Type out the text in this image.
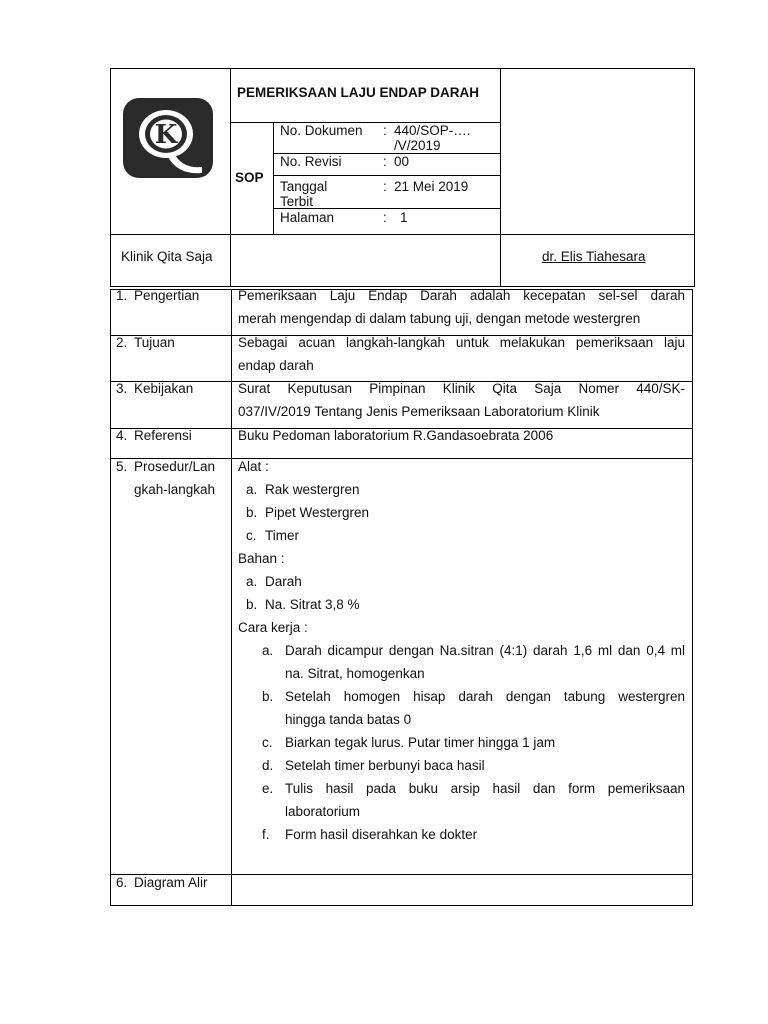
K
PEMERIKSAAN LAJU ENDAP DARAH
SOP
No. Dokumen : 440/SOP-….
/V/2019
No. Revisi	: 00
Tanggal
Terbit
: 21 Mei 2019
Halaman	: 1
Klinik Qita Saja	dr. Elis Tiahesara
1. Pengertian	Pemeriksaan Laju Endap Darah adalah kecepatan sel-sel darah
merah mengendap di dalam tabung uji, dengan metode westergren
2. Tujuan	Sebagai acuan langkah-langkah untuk melakukan pemeriksaan laju
endap darah
3. Kebijakan	Surat Keputusan Pimpinan Klinik Qita Saja Nomer 440/SK-
037/IV/2019 Tentang Jenis Pemeriksaan Laboratorium Klinik
4. Referensi	Buku Pedoman laboratorium R.Gandasoebrata 2006
5. Prosedur/Lan
gkah-langkah
Alat :
a. Rak westergren
b. Pipet Westergren
c. Timer
Bahan :
a. Darah
b. Na. Sitrat 3,8 %
Cara kerja :
a. Darah dicampur dengan Na.sitran (4:1) darah 1,6 ml dan 0,4 ml
na. Sitrat, homogenkan
b. Setelah homogen hisap darah dengan tabung westergren
hingga tanda batas 0
c. Biarkan tegak lurus. Putar timer hingga 1 jam
d. Setelah timer berbunyi baca hasil
e. Tulis hasil pada buku arsip hasil dan form pemeriksaan
laboratorium
f. Form hasil diserahkan ke dokter
6. Diagram Alir
